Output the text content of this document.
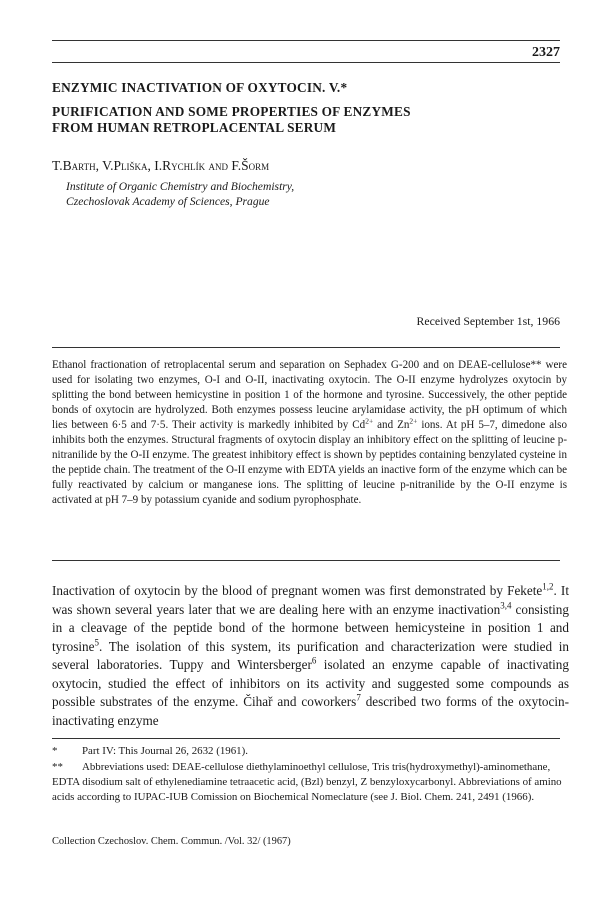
2327
ENZYMIC INACTIVATION OF OXYTOCIN. V.*
PURIFICATION AND SOME PROPERTIES OF ENZYMES
FROM HUMAN RETROPLACENTAL SERUM
T.Barth, V.Pliška, I.Rychlík and F.Šorm
Institute of Organic Chemistry and Biochemistry,
Czechoslovak Academy of Sciences, Prague
Received September 1st, 1966
Ethanol fractionation of retroplacental serum and separation on Sephadex G-200 and on DEAE-cellulose** were used for isolating two enzymes, O-I and O-II, inactivating oxytocin. The O-II enzyme hydrolyzes oxytocin by splitting the bond between hemicystine in position 1 of the hormone and tyrosine. Successively, the other peptide bonds of oxytocin are hydrolyzed. Both enzymes possess leucine arylamidase activity, the pH optimum of which lies between 6·5 and 7·5. Their activity is markedly inhibited by $Cd^{2+}$ and $Zn^{2+}$ ions. At pH 5–7, dimedone also inhibits both the enzymes. Structural fragments of oxytocin display an inhibitory effect on the splitting of leucine p-nitranilide by the O-II enzyme. The greatest inhibitory effect is shown by peptides containing benzylated cysteine in the peptide chain. The treatment of the O-II enzyme with EDTA yields an inactive form of the enzyme which can be fully reactivated by calcium or manganese ions. The splitting of leucine p-nitranilide by the O-II enzyme is activated at pH 7–9 by potassium cyanide and sodium pyrophosphate.
Inactivation of oxytocin by the blood of pregnant women was first demonstrated by Fekete$^{1,2}$. It was shown several years later that we are dealing here with an enzyme inactivation$^{3,4}$ consisting in a cleavage of the peptide bond of the hormone between hemicysteine in position 1 and tyrosine$^5$. The isolation of this system, its purification and characterization were studied in several laboratories. Tuppy and Wintersberger$^6$ isolated an enzyme capable of inactivating oxytocin, studied the effect of inhibitors on its activity and suggested some compounds as possible substrates of the enzyme. Čihař and coworkers$^7$ described two forms of the oxytocin-inactivating enzyme
* Part IV: This Journal 26, 2632 (1961).
** Abbreviations used: DEAE-cellulose diethylaminoethyl cellulose, Tris tris(hydroxymethyl)-aminomethane, EDTA disodium salt of ethylenediamine tetraacetic acid, (Bzl) benzyl, Z benzyloxycarbonyl. Abbreviations of amino acids according to IUPAC-IUB Comission on Biochemical Nomeclature (see J. Biol. Chem. 241, 2491 (1966).
Collection Czechoslov. Chem. Commun. /Vol. 32/ (1967)
